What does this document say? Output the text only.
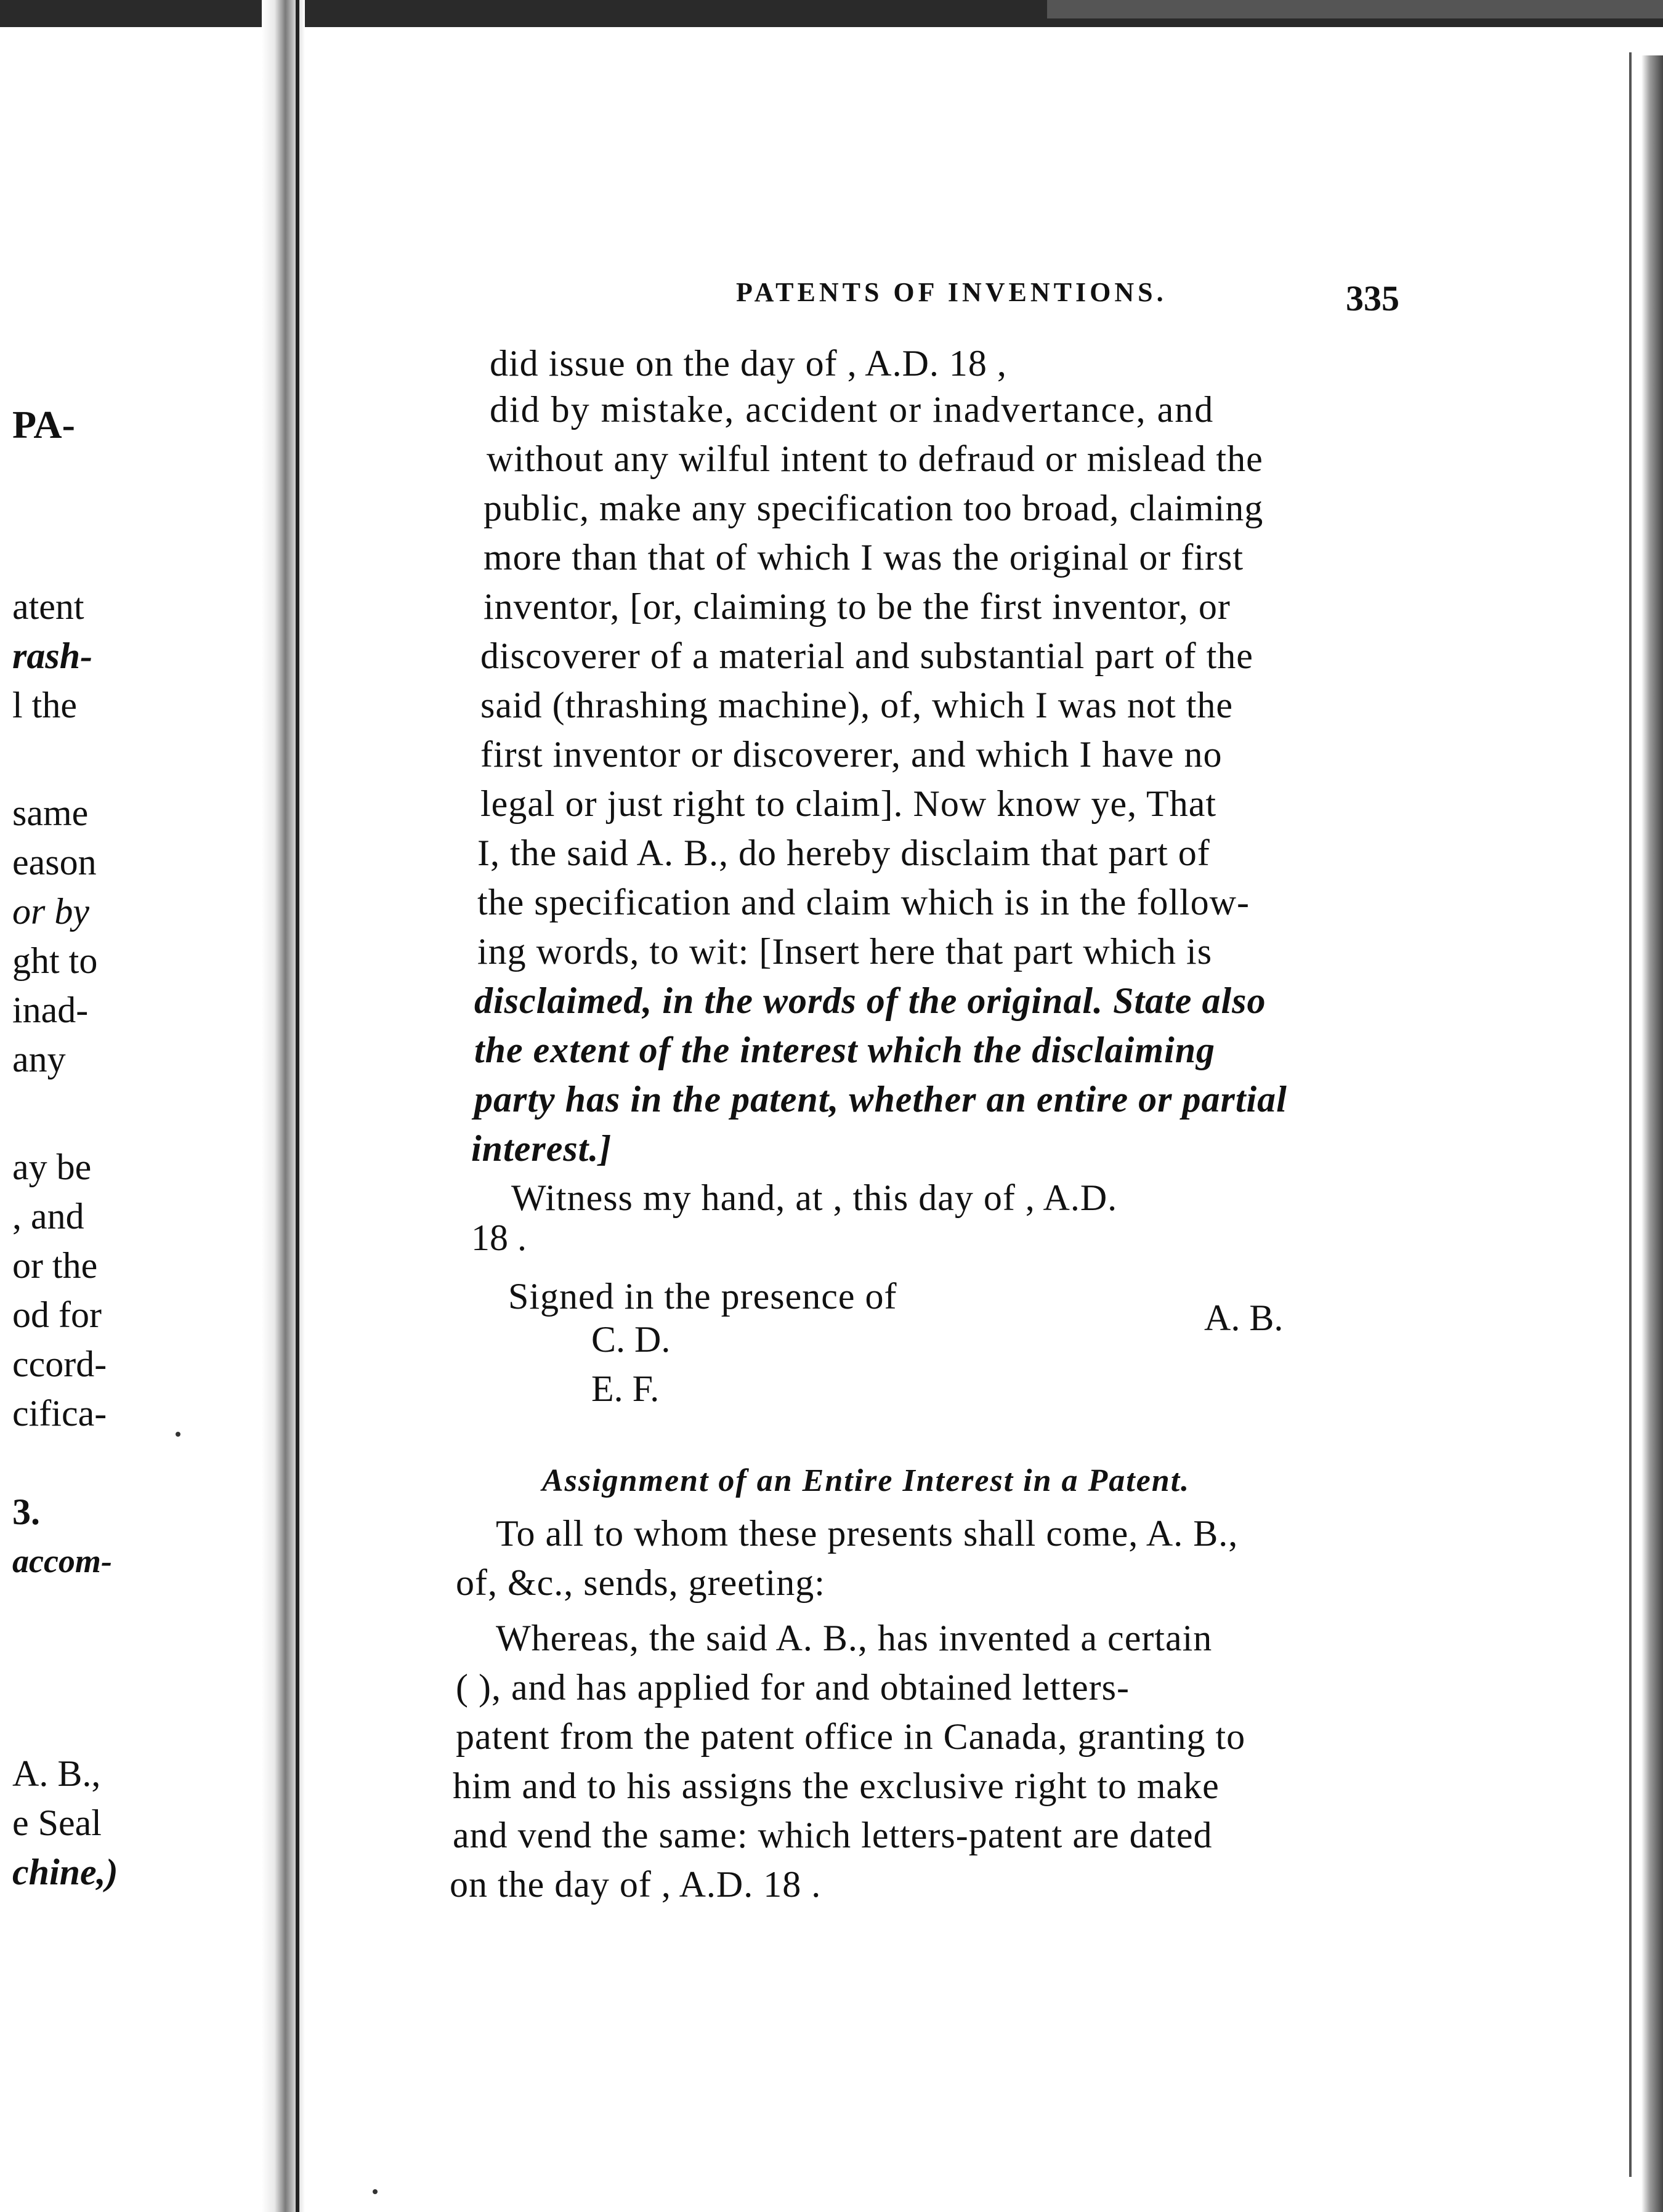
PA-
atent
rash-
l the
same
eason
or by
ght to
inad-
any
ay be
, and
or the
od for
ccord-
cifica-
3.
accom-
A. B.,
e Seal
chine,)
PATENTS OF INVENTIONS.	335
did issue on the day of , A.D. 18 ,
did by mistake, accident or inadvertance, and
without any wilful intent to defraud or mislead the
public, make any specification too broad, claiming
more than that of which I was the original or first
inventor, [or, claiming to be the first inventor, or
discoverer of a material and substantial part of the
said (thrashing machine), of, which I was not the
first inventor or discoverer, and which I have no
legal or just right to claim]. Now know ye, That
I, the said A. B., do hereby disclaim that part of
the specification and claim which is in the follow-
ing words, to wit: [Insert here that part which is
disclaimed, in the words of the original. State also
the extent of the interest which the disclaiming
party has in the patent, whether an entire or partial
interest.]
Witness my hand, at , this day of , A.D.
18 .
Signed in the presence of
A. B.
C. D.
E. F.
Assignment of an Entire Interest in a Patent.
To all to whom these presents shall come, A. B.,
of, &c., sends, greeting:
Whereas, the said A. B., has invented a certain
( ), and has applied for and obtained letters-
patent from the patent office in Canada, granting to
him and to his assigns the exclusive right to make
and vend the same: which letters-patent are dated
on the day of , A.D. 18 .
